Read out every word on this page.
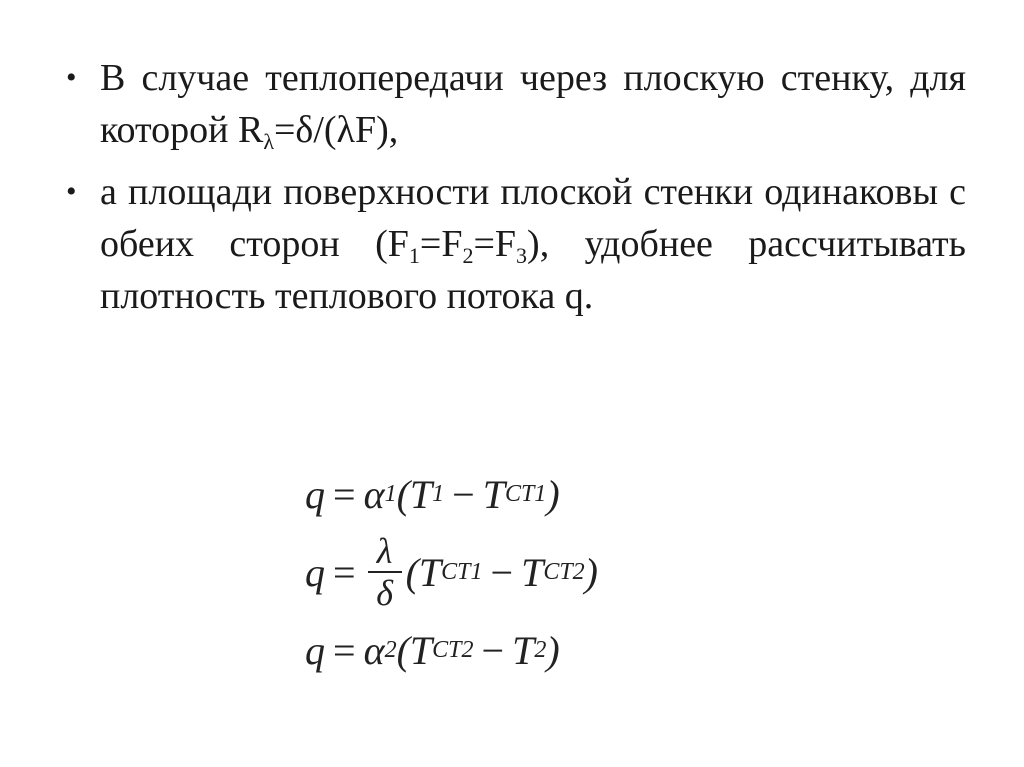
• В случае теплопередачи через плоскую стенку, для которой $R_\lambda=\delta/(\lambda F)$,
• а площади поверхности плоской стенки одинаковы с обеих сторон $(F_1=F_2=F_3)$, удобнее рассчитывать плотность теплового потока q.
q = α 1 (T 1 − T СТ1 )
$q = \frac{\lambda}{\delta} (T$ СТ1 − T СТ2 )
q = α 2 (T СТ2 − T 2 )
